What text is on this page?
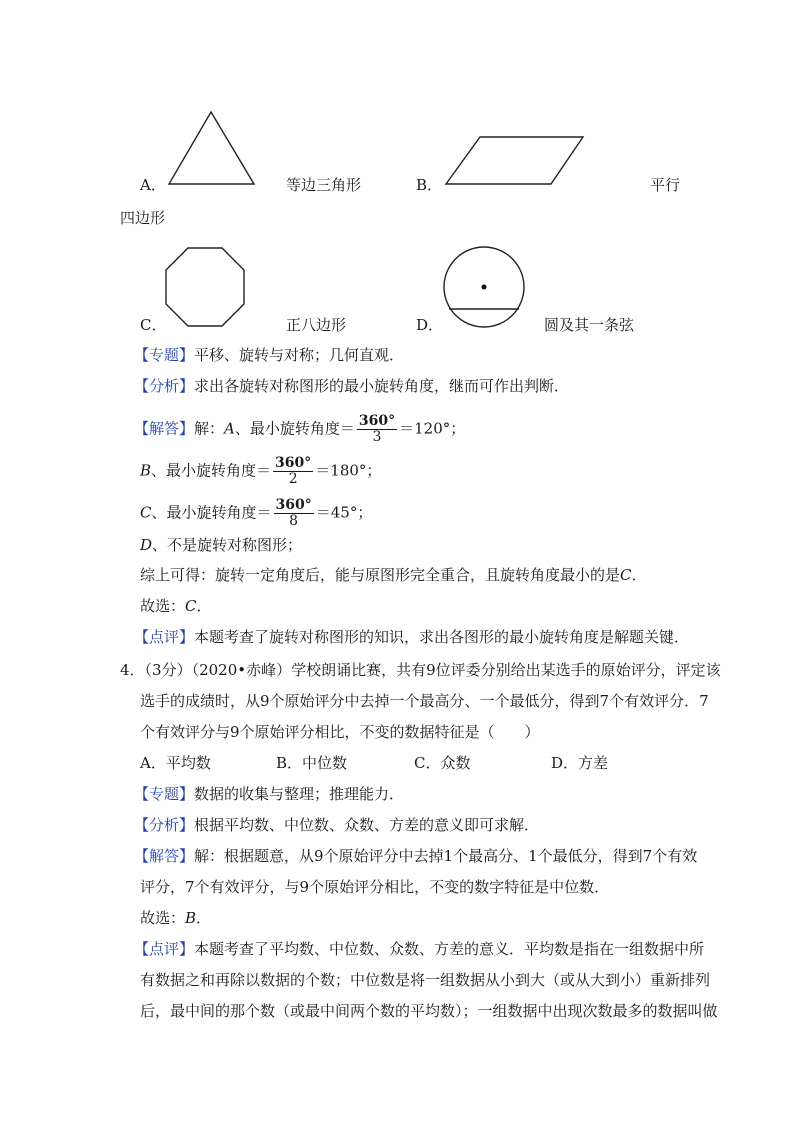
A．	等边三角形	B．	平行
四边形
C．	正八边形	D．	圆及其一条弦
【专题】平移、旋转与对称；几何直观．
【分析】求出各旋转对称图形的最小旋转角度，继而可作出判断．
【解答】解：A、最小旋转角度＝ $\frac{360^\circ}{3} =120^\circ$；
B、最小旋转角度＝ $\frac{360^\circ}{2} =180^\circ$；
C、最小旋转角度＝ $\frac{360^\circ}{8} =45^\circ$；
D、不是旋转对称图形；
综上可得：旋转一定角度后，能与原图形完全重合，且旋转角度最小的是C．
故选：C．
【点评】本题考查了旋转对称图形的知识，求出各图形的最小旋转角度是解题关键．
4．（3分）（2020•赤峰）学校朗诵比赛，共有9位评委分别给出某选手的原始评分，评定该
选手的成绩时，从9个原始评分中去掉一个最高分、一个最低分，得到7个有效评分．7
个有效评分与9个原始评分相比，不变的数据特征是（　　）
A．平均数	B．中位数	C．众数	D．方差
【专题】数据的收集与整理；推理能力．
【分析】根据平均数、中位数、众数、方差的意义即可求解．
【解答】解：根据题意，从9个原始评分中去掉1个最高分、1个最低分，得到7个有效
评分，7个有效评分，与9个原始评分相比，不变的数字特征是中位数．
故选：B．
【点评】本题考查了平均数、中位数、众数、方差的意义．平均数是指在一组数据中所
有数据之和再除以数据的个数；中位数是将一组数据从小到大（或从大到小）重新排列
后，最中间的那个数（或最中间两个数的平均数）；一组数据中出现次数最多的数据叫做
